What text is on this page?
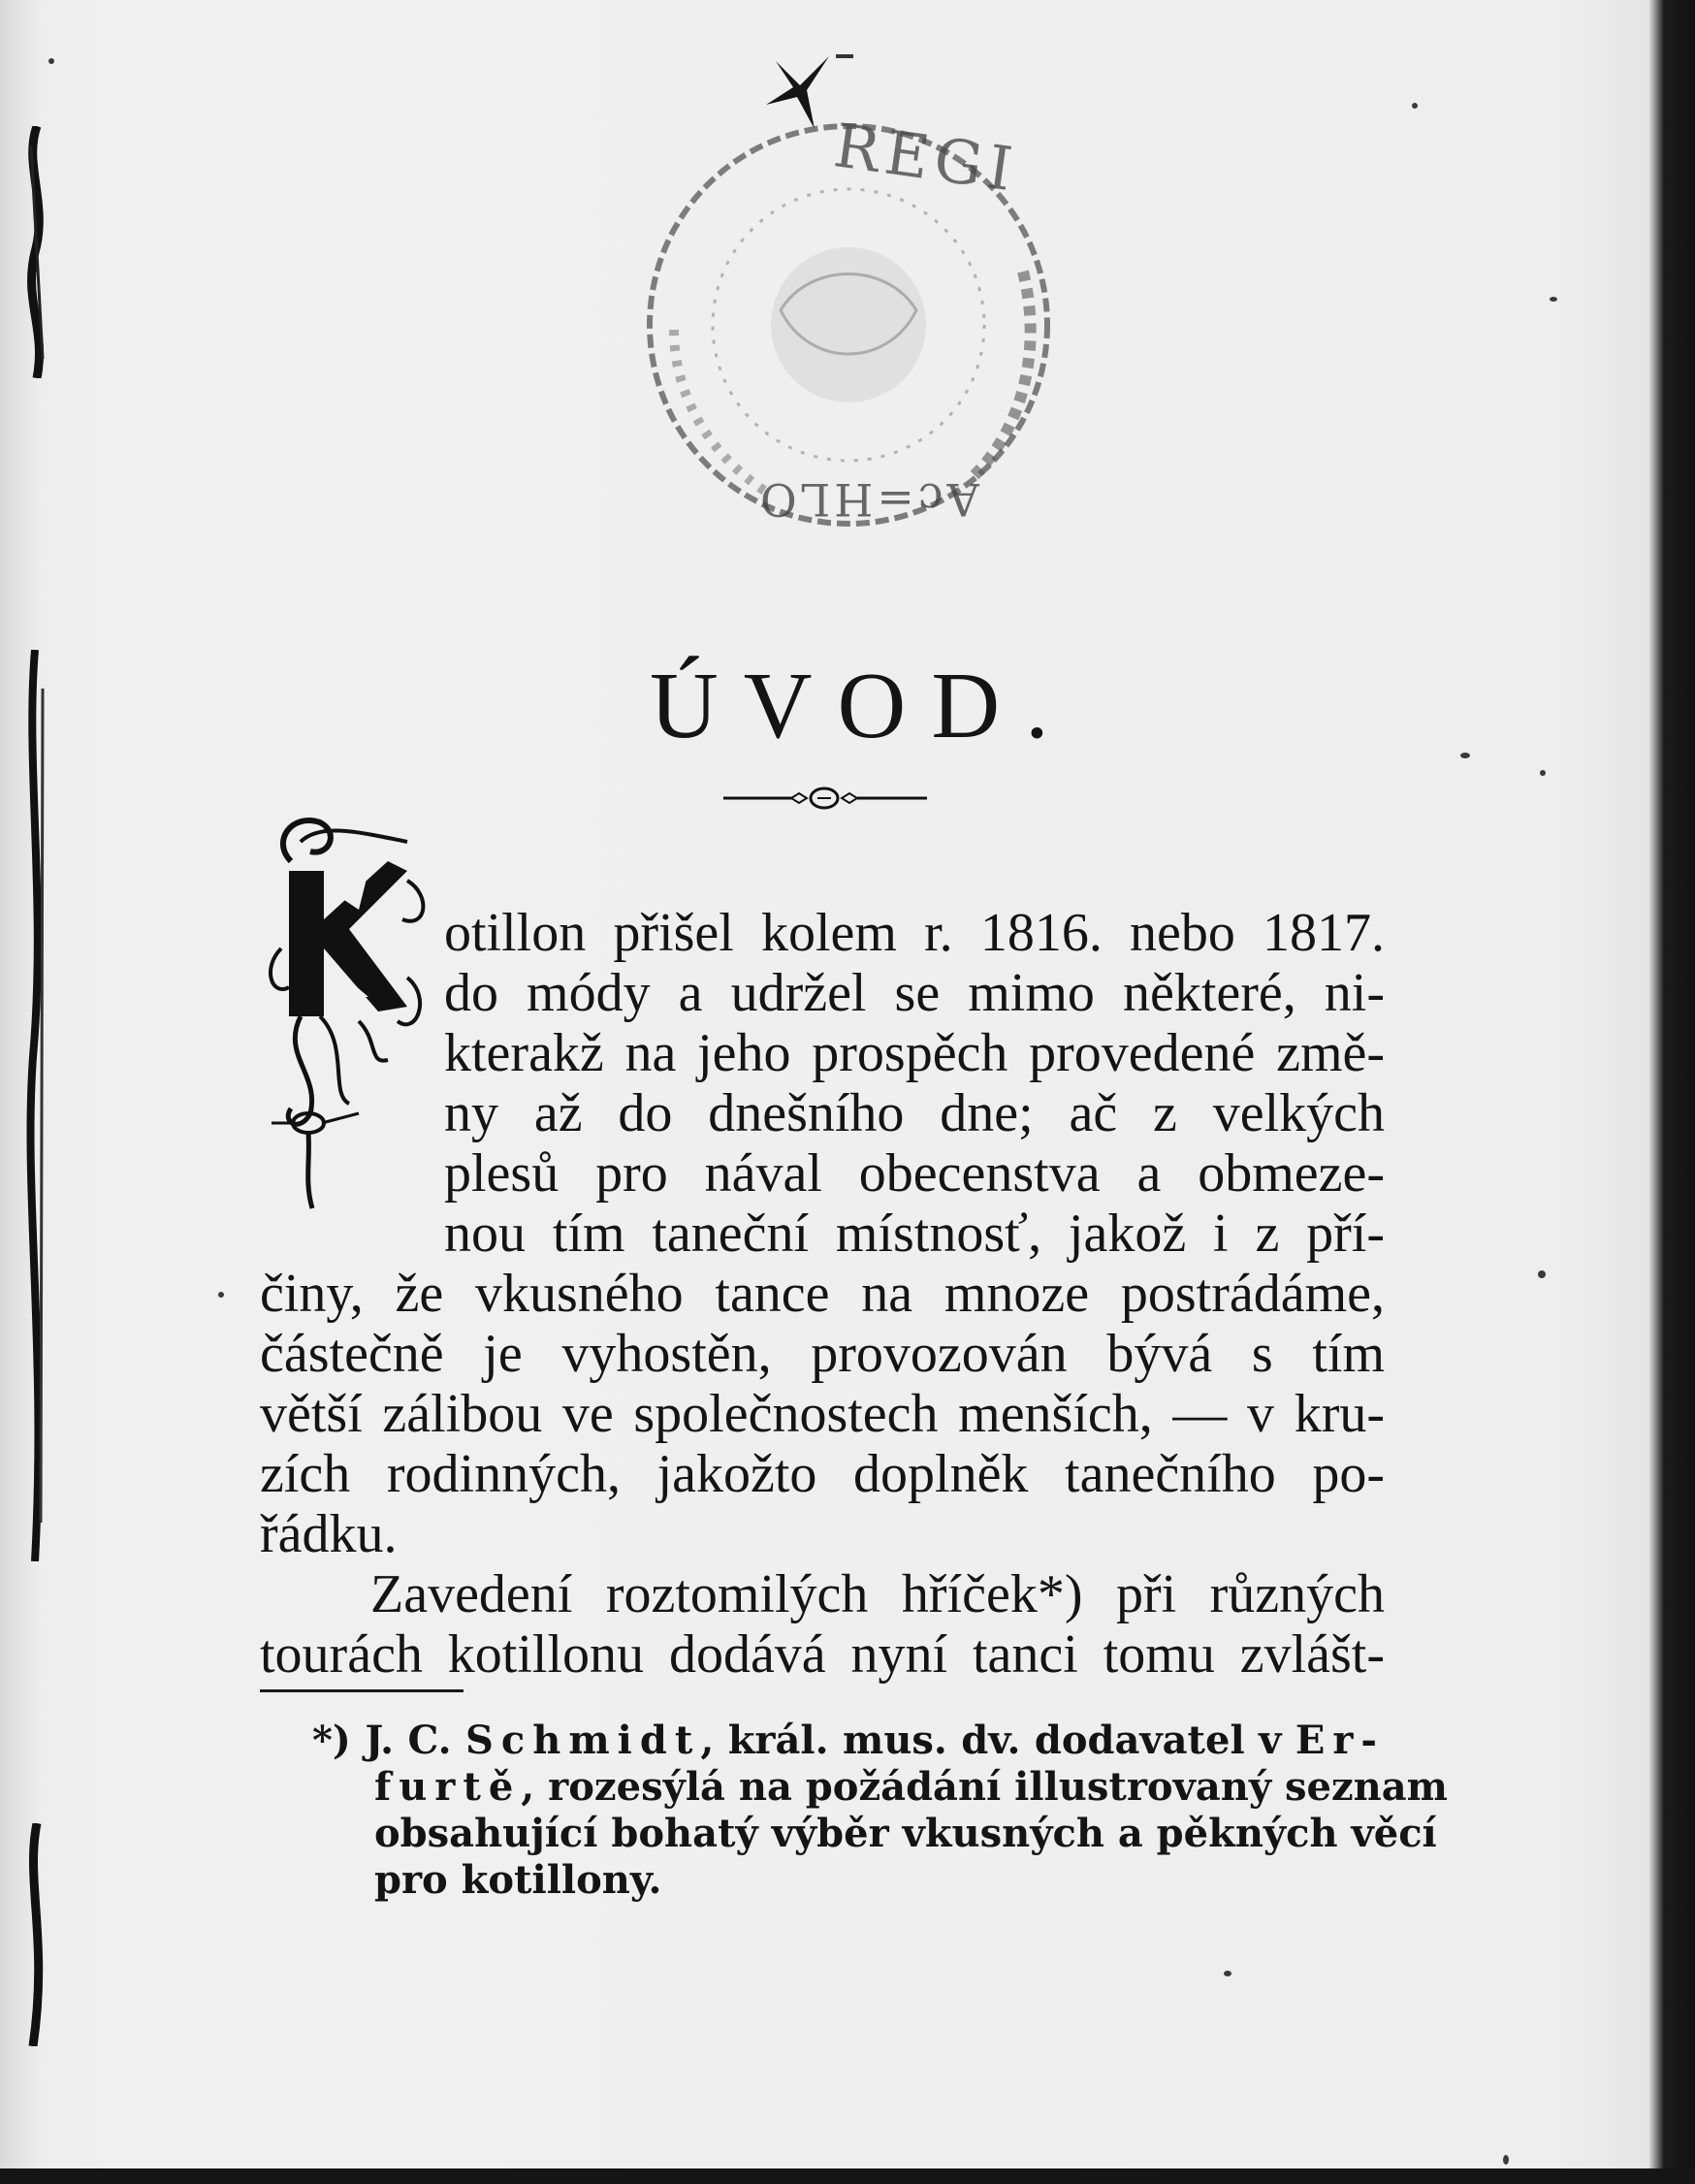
REGI
Ac=HLO
ÚVOD.
otillon přišel kolem r. 1816. nebo 1817.
do módy a udržel se mimo některé, ni-
kterakž na jeho prospěch provedené změ-
ny až do dnešního dne; ač z velkých
plesů pro nával obecenstva a obmeze-
nou tím taneční místnosť, jakož i z pří-
činy, že vkusného tance na mnoze postrádáme,
částečně je vyhostěn, provozován bývá s tím
větší zálibou ve společnostech menších, — v kru-
zích rodinných, jakožto doplněk tanečního po-
řádku.
Zavedení roztomilých hříček*) při různých
tourách kotillonu dodává nyní tanci tomu zvlášt-
*) J. C. Schmidt, král. mus. dv. dodavatel v Er-
furtě, rozesýlá na požádání illustrovaný seznam
obsahující bohatý výběr vkusných a pěkných věcí
pro kotillony.
